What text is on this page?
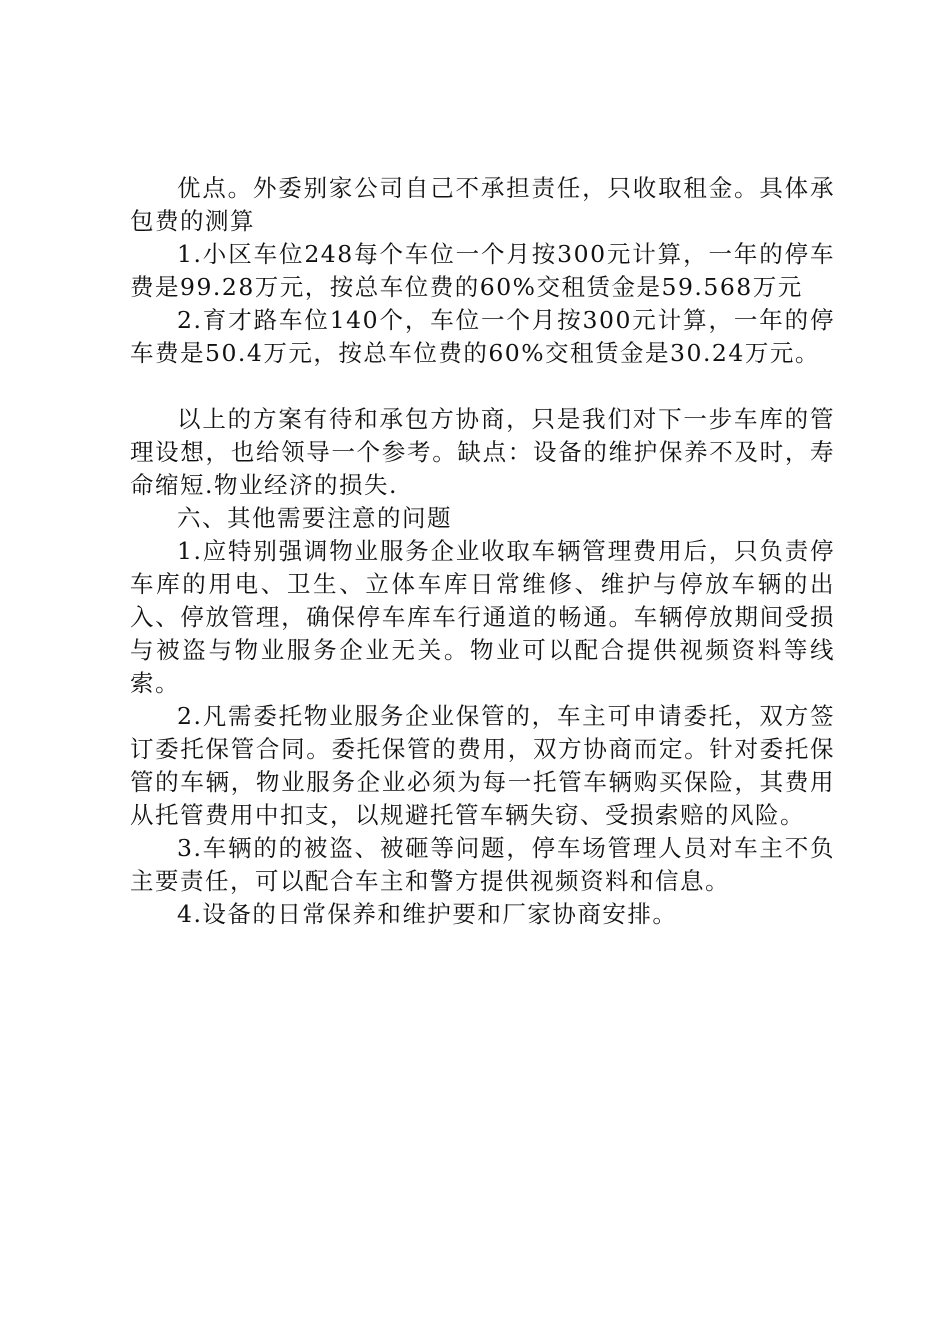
优点。外委别家公司自己不承担责任，只收取租金。具体承包费的测算

1.小区车位248每个车位一个月按300元计算，一年的停车费是99.28万元，按总车位费的60%交租赁金是59.568万元

2.育才路车位140个，车位一个月按300元计算，一年的停车费是50.4万元，按总车位费的60%交租赁金是30.24万元。

以上的方案有待和承包方协商，只是我们对下一步车库的管理设想，也给领导一个参考。缺点：设备的维护保养不及时，寿命缩短.物业经济的损失.

六、其他需要注意的问题

1.应特别强调物业服务企业收取车辆管理费用后，只负责停车库的用电、卫生、立体车库日常维修、维护与停放车辆的出入、停放管理，确保停车库车行通道的畅通。车辆停放期间受损与被盗与物业服务企业无关。物业可以配合提供视频资料等线索。

2.凡需委托物业服务企业保管的，车主可申请委托，双方签订委托保管合同。委托保管的费用，双方协商而定。针对委托保管的车辆，物业服务企业必须为每一托管车辆购买保险，其费用从托管费用中扣支，以规避托管车辆失窃、受损索赔的风险。

3.车辆的的被盗、被砸等问题，停车场管理人员对车主不负主要责任，可以配合车主和警方提供视频资料和信息。

4.设备的日常保养和维护要和厂家协商安排。
